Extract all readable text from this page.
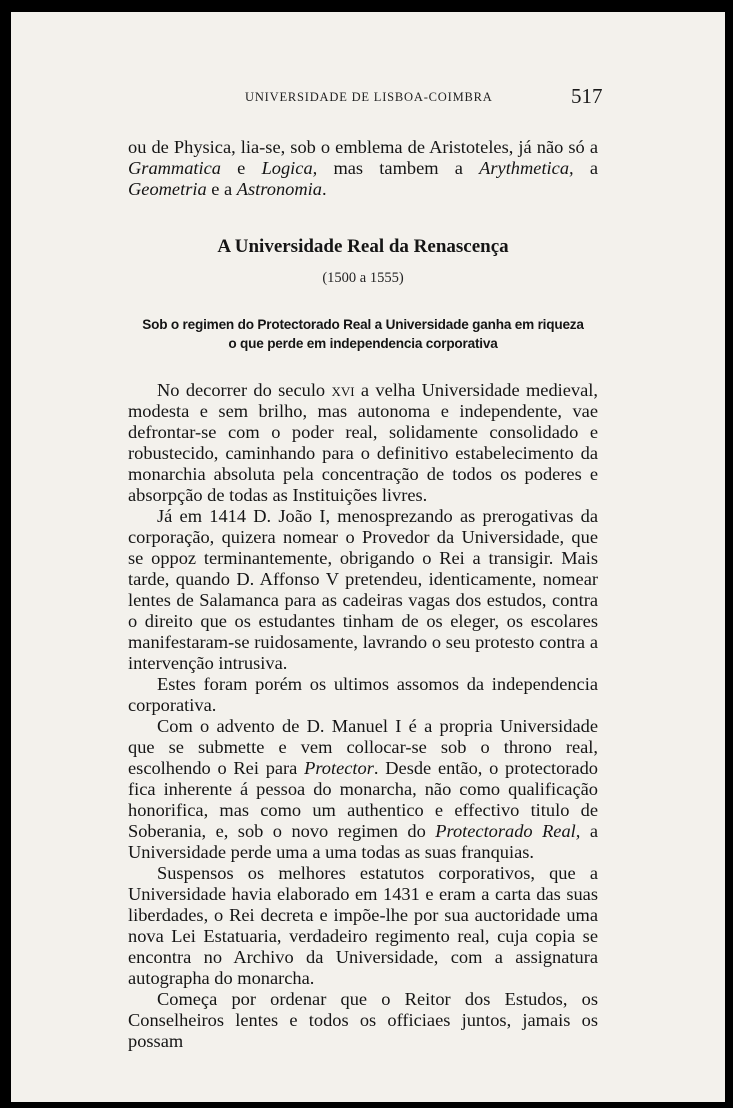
UNIVERSIDADE DE LISBOA-COIMBRA	517

ou de Physica, lia-se, sob o emblema de Aristoteles, já não só a Grammatica e Logica, mas tambem a Arythmetica, a Geometria e a Astronomia.

A Universidade Real da Renascença
(1500 a 1555)
Sob o regimen do Protectorado Real a Universidade ganha em riqueza
o que perde em independencia corporativa

No decorrer do seculo xvi a velha Universidade medieval, modesta e sem brilho, mas autonoma e independente, vae defrontar-se com o poder real, solidamente consolidado e robustecido, caminhando para o definitivo estabelecimento da monarchia absoluta pela concentração de todos os poderes e absorpção de todas as Instituições livres.

Já em 1414 D. João I, menosprezando as prerogativas da corporação, quizera nomear o Provedor da Universidade, que se oppoz terminantemente, obrigando o Rei a transigir. Mais tarde, quando D. Affonso V pretendeu, identicamente, nomear lentes de Salamanca para as cadeiras vagas dos estudos, contra o direito que os estudantes tinham de os eleger, os escolares manifestaram-se ruidosamente, lavrando o seu protesto contra a intervenção intrusiva.

Estes foram porém os ultimos assomos da independencia corporativa.

Com o advento de D. Manuel I é a propria Universidade que se submette e vem collocar-se sob o throno real, escolhendo o Rei para Protector. Desde então, o protectorado fica inherente á pessoa do monarcha, não como qualificação honorifica, mas como um authentico e effectivo titulo de Soberania, e, sob o novo regimen do Protectorado Real, a Universidade perde uma a uma todas as suas franquias.

Suspensos os melhores estatutos corporativos, que a Universidade havia elaborado em 1431 e eram a carta das suas liberdades, o Rei decreta e impõe-lhe por sua auctoridade uma nova Lei Estatuaria, verdadeiro regimento real, cuja copia se encontra no Archivo da Universidade, com a assignatura autographa do monarcha.

Começa por ordenar que o Reitor dos Estudos, os Conselheiros lentes e todos os officiaes juntos, jamais os possam
